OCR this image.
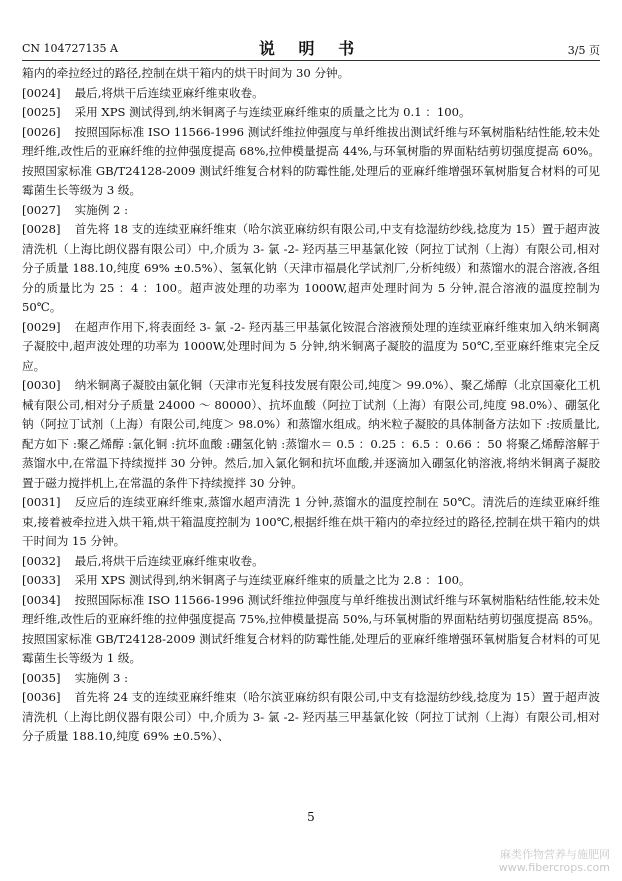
CN 104727135 A	说 明 书	3/5 页

箱内的牵拉经过的路径,控制在烘干箱内的烘干时间为 30 分钟。

[0024] 最后,将烘干后连续亚麻纤维束收卷。

[0025] 采用 XPS 测试得到,纳米铜离子与连续亚麻纤维束的质量之比为 0.1 ：100。

[0026] 按照国际标准 ISO 11566-1996 测试纤维拉伸强度与单纤维拔出测试纤维与环氧树脂粘结性能,较未处理纤维,改性后的亚麻纤维的拉伸强度提高 68%,拉伸模量提高 44%,与环氧树脂的界面粘结剪切强度提高 60%。按照国家标准 GB/T24128-2009 测试纤维复合材料的防霉性能,处理后的亚麻纤维增强环氧树脂复合材料的可见霉菌生长等级为 3 级。

[0027] 实施例 2 :

[0028] 首先将 18 支的连续亚麻纤维束（哈尔滨亚麻纺织有限公司,中支有捻湿纺纱线,捻度为 15）置于超声波清洗机（上海比朗仪器有限公司）中,介质为 3- 氯 -2- 羟丙基三甲基氯化铵（阿拉丁试剂（上海）有限公司,相对分子质量 188.10,纯度 69% ±0.5%）、氢氧化钠（天津市福晨化学试剂厂,分析纯级）和蒸馏水的混合溶液,各组分的质量比为 25 ：4 ：100。超声波处理的功率为 1000W,超声处理时间为 5 分钟,混合溶液的温度控制为 50℃。

[0029] 在超声作用下,将表面经 3- 氯 -2- 羟丙基三甲基氯化铵混合溶液预处理的连续亚麻纤维束加入纳米铜离子凝胶中,超声波处理的功率为 1000W,处理时间为 5 分钟,纳米铜离子凝胶的温度为 50℃,至亚麻纤维束完全反应。

[0030] 纳米铜离子凝胶由氯化铜（天津市光复科技发展有限公司,纯度＞ 99.0%）、聚乙烯醇（北京国豪化工机械有限公司,相对分子质量 24000 ～ 80000）、抗坏血酸（阿拉丁试剂（上海）有限公司,纯度 98.0%）、硼氢化钠（阿拉丁试剂（上海）有限公司,纯度＞ 98.0%）和蒸馏水组成。纳米粒子凝胶的具体制备方法如下 :按质量比,配方如下 :聚乙烯醇 :氯化铜 :抗坏血酸 :硼氢化钠 :蒸馏水＝ 0.5 ：0.25 ：6.5 ：0.66 ：50 将聚乙烯醇溶解于蒸馏水中,在常温下持续搅拌 30 分钟。然后,加入氯化铜和抗坏血酸,并逐滴加入硼氢化钠溶液,将纳米铜离子凝胶置于磁力搅拌机上,在常温的条件下持续搅拌 30 分钟。

[0031] 反应后的连续亚麻纤维束,蒸馏水超声清洗 1 分钟,蒸馏水的温度控制在 50℃。清洗后的连续亚麻纤维束,接着被牵拉进入烘干箱,烘干箱温度控制为 100℃,根据纤维在烘干箱内的牵拉经过的路径,控制在烘干箱内的烘干时间为 15 分钟。

[0032] 最后,将烘干后连续亚麻纤维束收卷。

[0033] 采用 XPS 测试得到,纳米铜离子与连续亚麻纤维束的质量之比为 2.8 ：100。

[0034] 按照国际标准 ISO 11566-1996 测试纤维拉伸强度与单纤维拔出测试纤维与环氧树脂粘结性能,较未处理纤维,改性后的亚麻纤维的拉伸强度提高 75%,拉伸模量提高 50%,与环氧树脂的界面粘结剪切强度提高 85%。按照国家标准 GB/T24128-2009 测试纤维复合材料的防霉性能,处理后的亚麻纤维增强环氧树脂复合材料的可见霉菌生长等级为 1 级。

[0035] 实施例 3 :

[0036] 首先将 24 支的连续亚麻纤维束（哈尔滨亚麻纺织有限公司,中支有捻湿纺纱线,捻度为 15）置于超声波清洗机（上海比朗仪器有限公司）中,介质为 3- 氯 -2- 羟丙基三甲基氯化铵（阿拉丁试剂（上海）有限公司,相对分子质量 188.10,纯度 69% ±0.5%）、

5
麻类作物营养与施肥网
www.fibercrops.com
